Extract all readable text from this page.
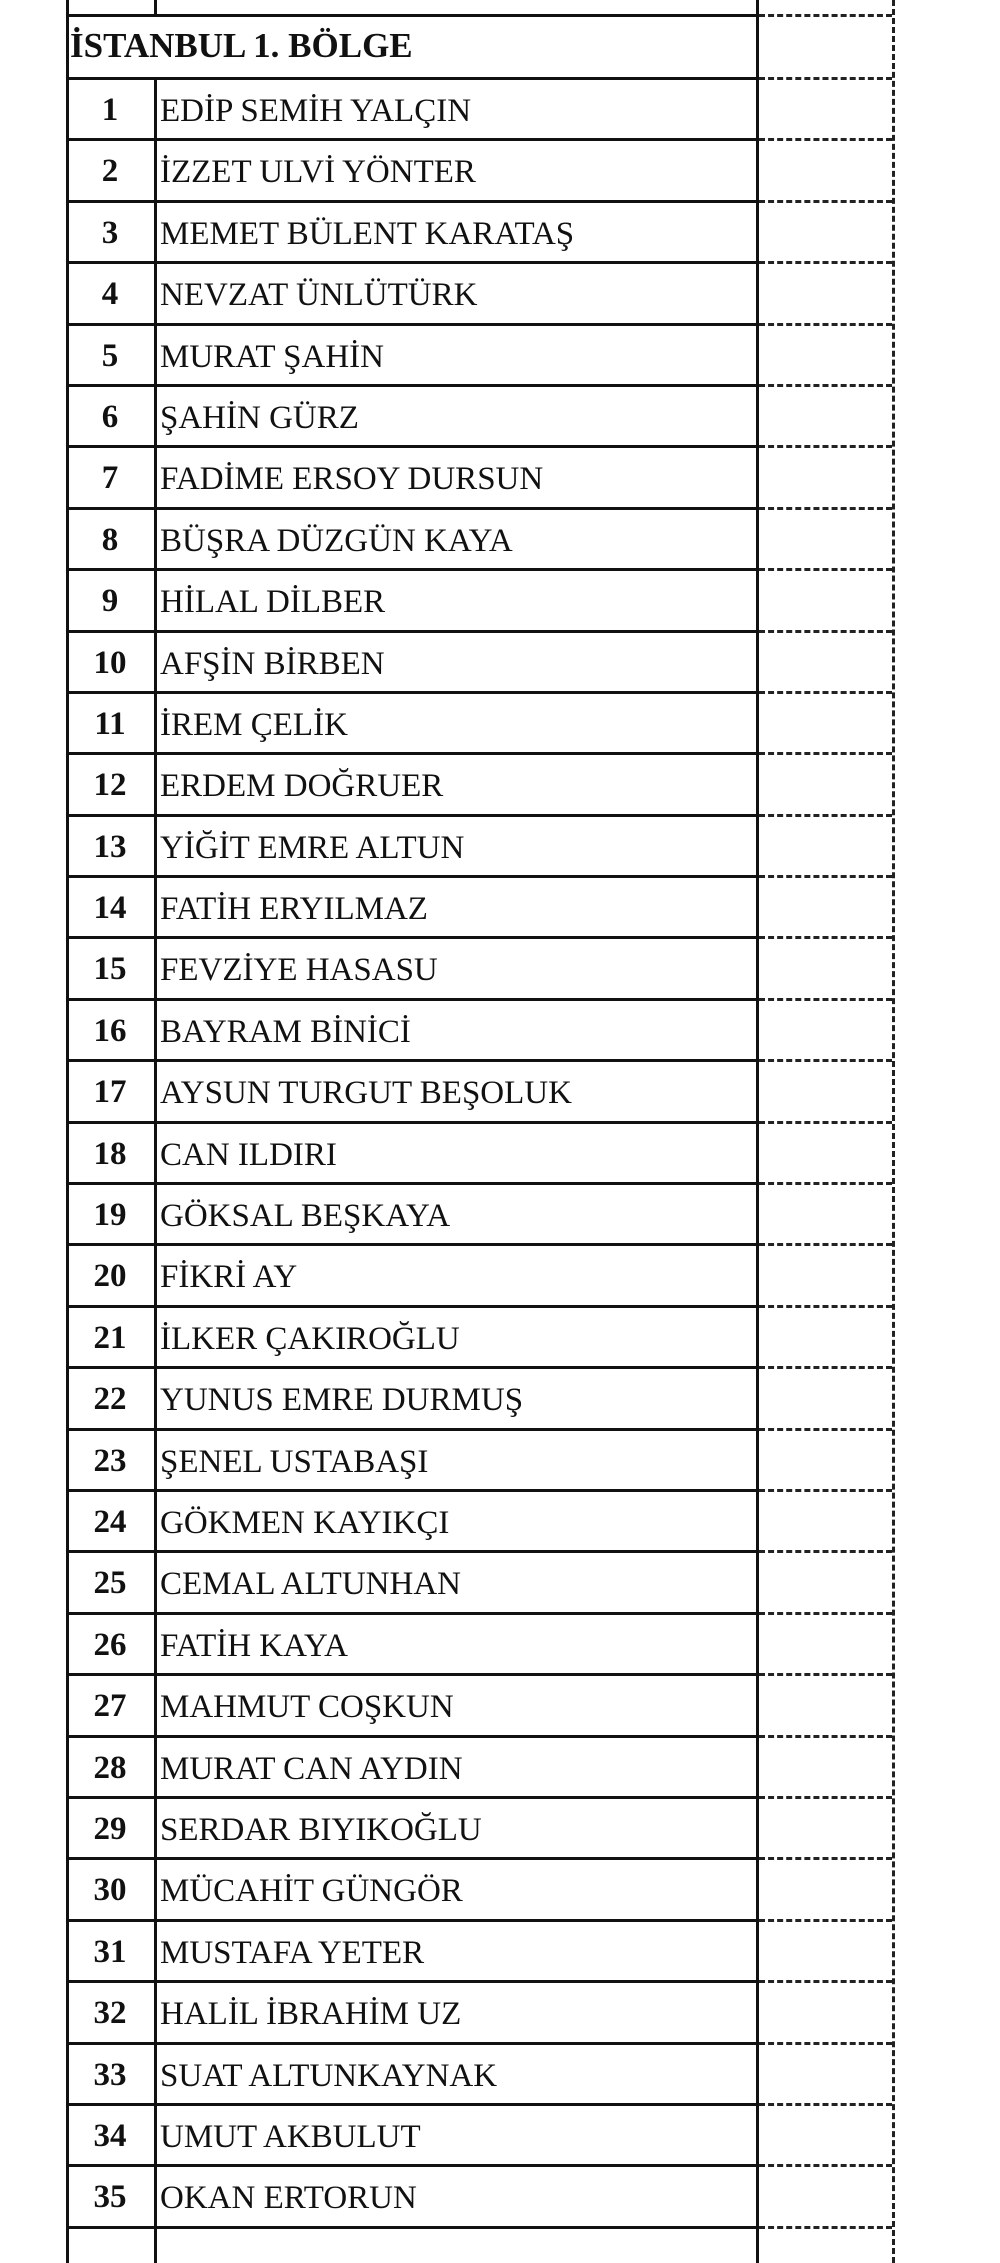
İSTANBUL 1. BÖLGE
1	EDİP SEMİH YALÇIN
2	İZZET ULVİ YÖNTER
3	MEMET BÜLENT KARATAŞ
4	NEVZAT ÜNLÜTÜRK
5	MURAT ŞAHİN
6	ŞAHİN GÜRZ
7	FADİME ERSOY DURSUN
8	BÜŞRA DÜZGÜN KAYA
9	HİLAL DİLBER
10	AFŞİN BİRBEN
11	İREM ÇELİK
12	ERDEM DOĞRUER
13	YİĞİT EMRE ALTUN
14	FATİH ERYILMAZ
15	FEVZİYE HASASU
16	BAYRAM BİNİCİ
17	AYSUN TURGUT BEŞOLUK
18	CAN ILDIRI
19	GÖKSAL BEŞKAYA
20	FİKRİ AY
21	İLKER ÇAKIROĞLU
22	YUNUS EMRE DURMUŞ
23	ŞENEL USTABAŞI
24	GÖKMEN KAYIKÇI
25	CEMAL ALTUNHAN
26	FATİH KAYA
27	MAHMUT COŞKUN
28	MURAT CAN AYDIN
29	SERDAR BIYIKOĞLU
30	MÜCAHİT GÜNGÖR
31	MUSTAFA YETER
32	HALİL İBRAHİM UZ
33	SUAT ALTUNKAYNAK
34	UMUT AKBULUT
35	OKAN ERTORUN
